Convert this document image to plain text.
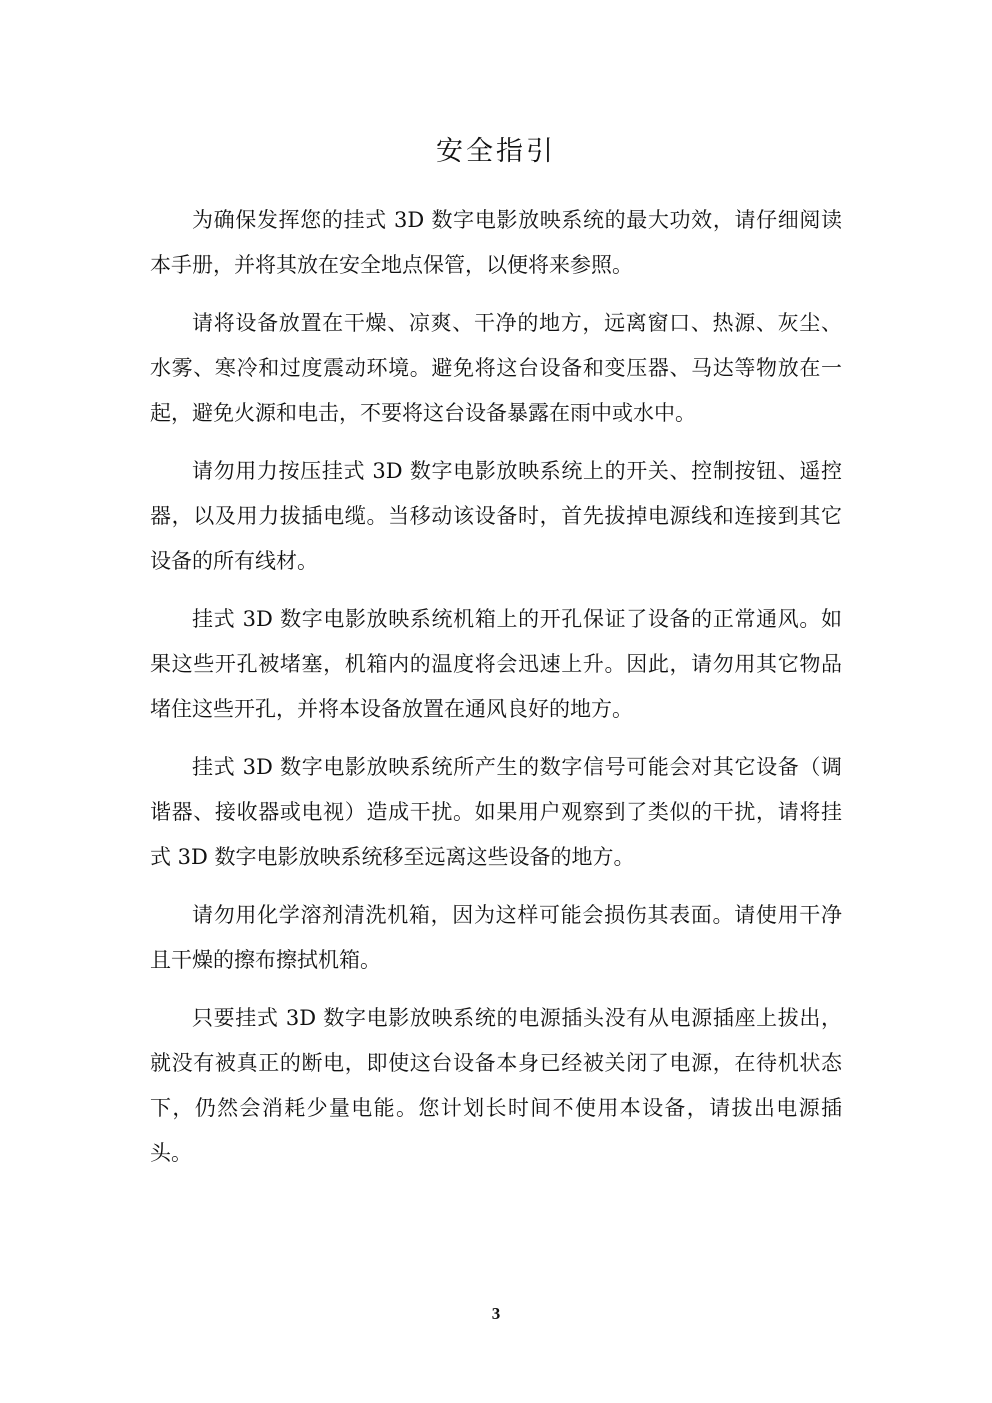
安全指引

为确保发挥您的挂式 3D 数字电影放映系统的最大功效，请仔细阅读本手册，并将其放在安全地点保管，以便将来参照。

请将设备放置在干燥、凉爽、干净的地方，远离窗口、热源、灰尘、水雾、寒冷和过度震动环境。避免将这台设备和变压器、马达等物放在一起，避免火源和电击，不要将这台设备暴露在雨中或水中。

请勿用力按压挂式 3D 数字电影放映系统上的开关、控制按钮、遥控器，以及用力拔插电缆。当移动该设备时，首先拔掉电源线和连接到其它设备的所有线材。

挂式 3D 数字电影放映系统机箱上的开孔保证了设备的正常通风。如果这些开孔被堵塞，机箱内的温度将会迅速上升。因此，请勿用其它物品堵住这些开孔，并将本设备放置在通风良好的地方。

挂式 3D 数字电影放映系统所产生的数字信号可能会对其它设备（调谐器、接收器或电视）造成干扰。如果用户观察到了类似的干扰，请将挂式 3D 数字电影放映系统移至远离这些设备的地方。

请勿用化学溶剂清洗机箱，因为这样可能会损伤其表面。请使用干净且干燥的擦布擦拭机箱。

只要挂式 3D 数字电影放映系统的电源插头没有从电源插座上拔出，就没有被真正的断电，即使这台设备本身已经被关闭了电源，在待机状态下，仍然会消耗少量电能。您计划长时间不使用本设备，请拔出电源插头。

3
